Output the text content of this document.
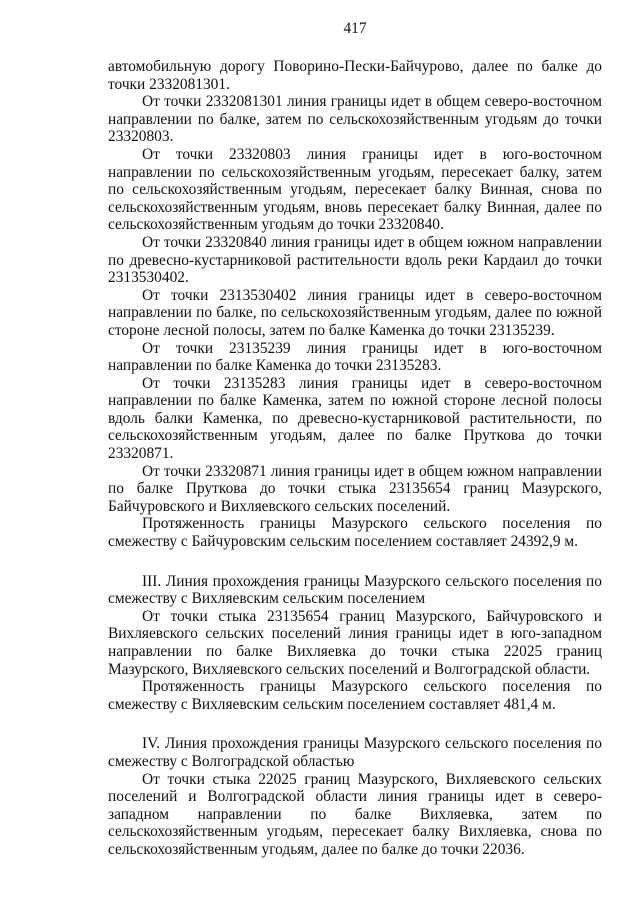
417

автомобильную дорогу Поворино-Пески-Байчурово, далее по балке до точки 2332081301.

От точки 2332081301 линия границы идет в общем северо-восточном направлении по балке, затем по сельскохозяйственным угодьям до точки 23320803.

От точки 23320803 линия границы идет в юго-восточном направлении по сельскохозяйственным угодьям, пересекает балку, затем по сельскохозяйственным угодьям, пересекает балку Винная, снова по сельскохозяйственным угодьям, вновь пересекает балку Винная, далее по сельскохозяйственным угодьям до точки 23320840.

От точки 23320840 линия границы идет в общем южном направлении по древесно-кустарниковой растительности вдоль реки Кардаил до точки 2313530402.

От точки 2313530402 линия границы идет в северо-восточном направлении по балке, по сельскохозяйственным угодьям, далее по южной стороне лесной полосы, затем по балке Каменка до точки 23135239.

От точки 23135239 линия границы идет в юго-восточном направлении по балке Каменка до точки 23135283.

От точки 23135283 линия границы идет в северо-восточном направлении по балке Каменка, затем по южной стороне лесной полосы вдоль балки Каменка, по древесно-кустарниковой растительности, по сельскохозяйственным угодьям, далее по балке Пруткова до точки 23320871.

От точки 23320871 линия границы идет в общем южном направлении по балке Пруткова до точки стыка 23135654 границ Мазурского, Байчуровского и Вихляевского сельских поселений.

Протяженность границы Мазурского сельского поселения по смежеству с Байчуровским сельским поселением составляет 24392,9 м.

III. Линия прохождения границы Мазурского сельского поселения по смежеству с Вихляевским сельским поселением

От точки стыка 23135654 границ Мазурского, Байчуровского и Вихляевского сельских поселений линия границы идет в юго-западном направлении по балке Вихляевка до точки стыка 22025 границ Мазурского, Вихляевского сельских поселений и Волгоградской области.

Протяженность границы Мазурского сельского поселения по смежеству с Вихляевским сельским поселением составляет 481,4 м.

IV. Линия прохождения границы Мазурского сельского поселения по смежеству с Волгоградской областью

От точки стыка 22025 границ Мазурского, Вихляевского сельских поселений и Волгоградской области линия границы идет в северо-западном направлении по балке Вихляевка, затем по сельскохозяйственным угодьям, пересекает балку Вихляевка, снова по сельскохозяйственным угодьям, далее по балке до точки 22036.
